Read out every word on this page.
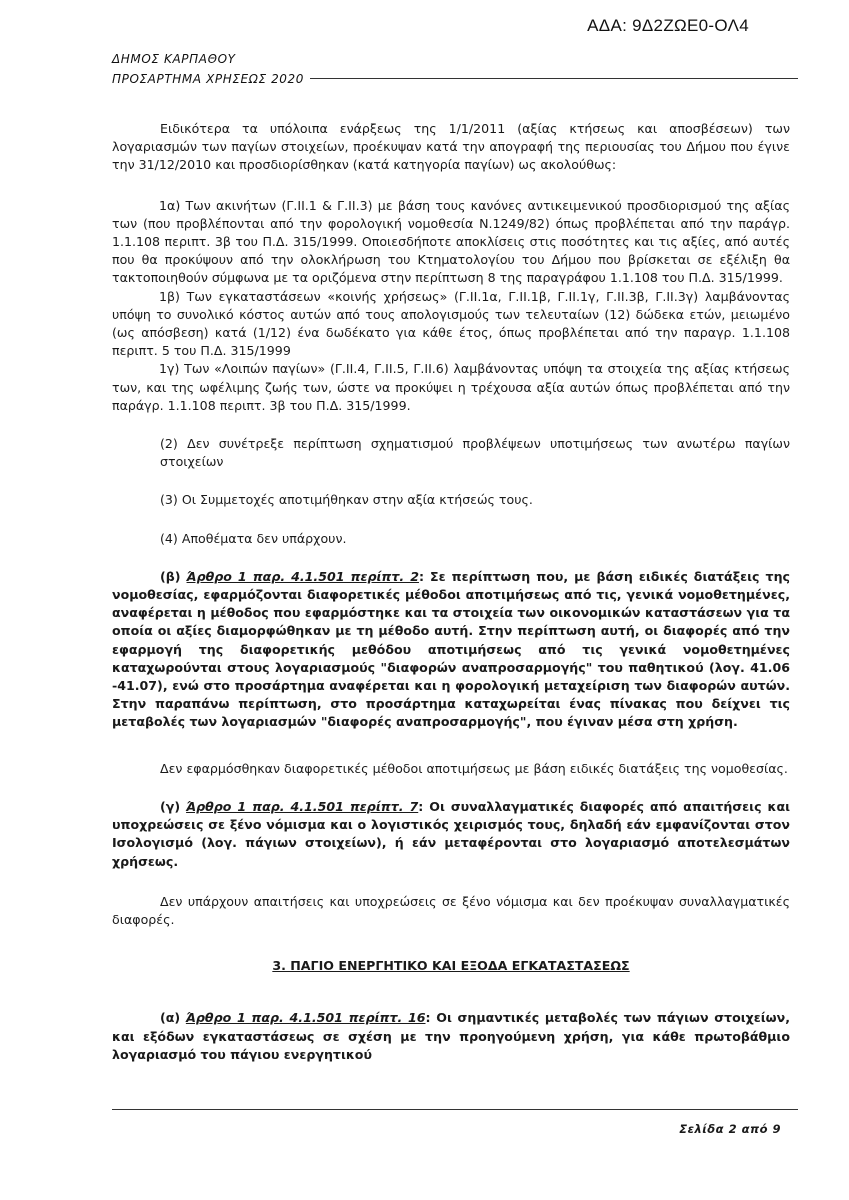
ΑΔΑ: 9Δ2ΖΩΕ0-ΟΛ4
ΔΗΜΟΣ ΚΑΡΠΑΘΟΥ
ΠΡΟΣΑΡΤΗΜΑ ΧΡΗΣΕΩΣ 2020

Ειδικότερα τα υπόλοιπα ενάρξεως της 1/1/2011 (αξίας κτήσεως και αποσβέσεων) των λογαριασμών των παγίων στοιχείων, προέκυψαν κατά την απογραφή της περιουσίας του Δήμου που έγινε την 31/12/2010 και προσδιορίσθηκαν (κατά κατηγορία παγίων) ως ακολούθως:

1α) Των ακινήτων (Γ.ΙΙ.1 & Γ.ΙΙ.3) με βάση τους κανόνες αντικειμενικού προσδιορισμού της αξίας των (που προβλέπονται από την φορολογική νομοθεσία Ν.1249/82) όπως προβλέπεται από την παράγρ. 1.1.108 περιπτ. 3β του Π.Δ. 315/1999. Οποιεσδήποτε αποκλίσεις στις ποσότητες και τις αξίες, από αυτές που θα προκύψουν από την ολοκλήρωση του Κτηματολογίου του Δήμου που βρίσκεται σε εξέλιξη θα τακτοποιηθούν σύμφωνα με τα οριζόμενα στην περίπτωση 8 της παραγράφου 1.1.108 του Π.Δ. 315/1999.

1β) Των εγκαταστάσεων «κοινής χρήσεως» (Γ.ΙΙ.1α, Γ.ΙΙ.1β, Γ.ΙΙ.1γ, Γ.ΙΙ.3β, Γ.ΙΙ.3γ) λαμβάνοντας υπόψη το συνολικό κόστος αυτών από τους απολογισμούς των τελευταίων (12) δώδεκα ετών, μειωμένο (ως απόσβεση) κατά (1/12) ένα δωδέκατο για κάθε έτος, όπως προβλέπεται από την παραγρ. 1.1.108 περιπτ. 5 του Π.Δ. 315/1999

1γ) Των «Λοιπών παγίων» (Γ.ΙΙ.4, Γ.ΙΙ.5, Γ.ΙΙ.6) λαμβάνοντας υπόψη τα στοιχεία της αξίας κτήσεως των, και της ωφέλιμης ζωής των, ώστε να προκύψει η τρέχουσα αξία αυτών όπως προβλέπεται από την παράγρ. 1.1.108 περιπτ. 3β του Π.Δ. 315/1999.

(2) Δεν συνέτρεξε περίπτωση σχηματισμού προβλέψεων υποτιμήσεως των ανωτέρω παγίων στοιχείων

(3) Οι Συμμετοχές αποτιμήθηκαν στην αξία κτήσεώς τους.

(4) Αποθέματα δεν υπάρχουν.

(β) Άρθρο 1 παρ. 4.1.501 περίπτ. 2: Σε περίπτωση που, με βάση ειδικές διατάξεις της νομοθεσίας, εφαρμόζονται διαφορετικές μέθοδοι αποτιμήσεως από τις, γενικά νομοθετημένες, αναφέρεται η μέθοδος που εφαρμόστηκε και τα στοιχεία των οικονομικών καταστάσεων για τα οποία οι αξίες διαμορφώθηκαν με τη μέθοδο αυτή. Στην περίπτωση αυτή, οι διαφορές από την εφαρμογή της διαφορετικής μεθόδου αποτιμήσεως από τις γενικά νομοθετημένες καταχωρούνται στους λογαριασμούς "διαφορών αναπροσαρμογής" του παθητικού (λογ. 41.06 -41.07), ενώ στο προσάρτημα αναφέρεται και η φορολογική μεταχείριση των διαφορών αυτών. Στην παραπάνω περίπτωση, στο προσάρτημα καταχωρείται ένας πίνακας που δείχνει τις μεταβολές των λογαριασμών "διαφορές αναπροσαρμογής", που έγιναν μέσα στη χρήση.

Δεν εφαρμόσθηκαν διαφορετικές μέθοδοι αποτιμήσεως με βάση ειδικές διατάξεις της νομοθεσίας.

(γ) Άρθρο 1 παρ. 4.1.501 περίπτ. 7: Οι συναλλαγματικές διαφορές από απαιτήσεις και υποχρεώσεις σε ξένο νόμισμα και ο λογιστικός χειρισμός τους, δηλαδή εάν εμφανίζονται στον Ισολογισμό (λογ. πάγιων στοιχείων), ή εάν μεταφέρονται στο λογαριασμό αποτελεσμάτων χρήσεως.

Δεν υπάρχουν απαιτήσεις και υποχρεώσεις σε ξένο νόμισμα και δεν προέκυψαν συναλλαγματικές διαφορές.

3. ΠΑΓΙΟ ΕΝΕΡΓΗΤΙΚΟ ΚΑΙ ΕΞΟΔΑ ΕΓΚΑΤΑΣΤΑΣΕΩΣ

(α) Άρθρο 1 παρ. 4.1.501 περίπτ. 16: Οι σημαντικές μεταβολές των πάγιων στοιχείων, και εξόδων εγκαταστάσεως σε σχέση με την προηγούμενη χρήση, για κάθε πρωτοβάθμιο λογαριασμό του πάγιου ενεργητικού

Σελίδα 2 από 9
